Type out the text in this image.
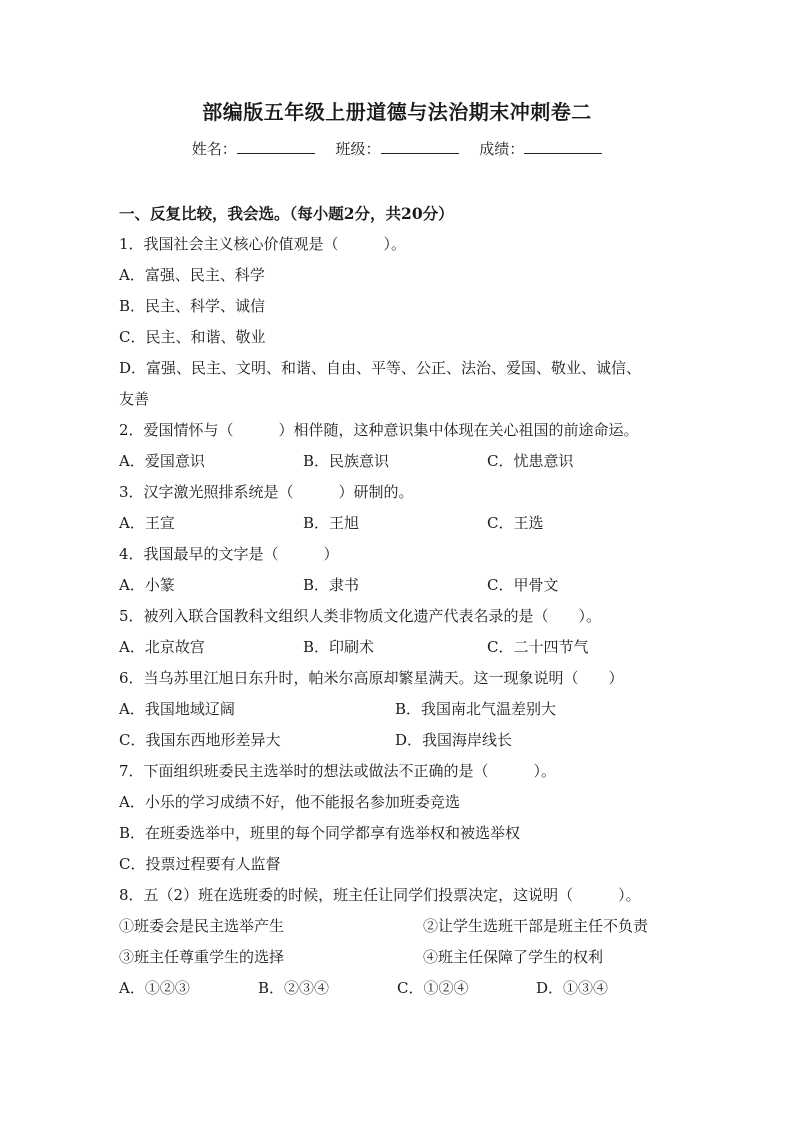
部编版五年级上册道德与法治期末冲刺卷二
姓名：	班级：	成绩：
一、反复比较，我会选。（每小题2分，共20分）
1．我国社会主义核心价值观是（　　　）。
A．富强、民主、科学
B．民主、科学、诚信
C．民主、和谐、敬业
D．富强、民主、文明、和谐、自由、平等、公正、法治、爱国、敬业、诚信、
友善
2．爱国情怀与（　　　）相伴随，这种意识集中体现在关心祖国的前途命运。
A．爱国意识	B．民族意识	C．忧患意识
3．汉字激光照排系统是（　　　）研制的。
A．王宣	B．王旭	C．王选
4．我国最早的文字是（　　　）
A．小篆	B．隶书	C．甲骨文
5．被列入联合国教科文组织人类非物质文化遗产代表名录的是（　　）。
A．北京故宫	B．印刷术	C．二十四节气
6．当乌苏里江旭日东升时，帕米尔高原却繁星满天。这一现象说明（　　）
A．我国地域辽阔	B．我国南北气温差别大
C．我国东西地形差异大	D．我国海岸线长
7．下面组织班委民主选举时的想法或做法不正确的是（　　　）。
A．小乐的学习成绩不好，他不能报名参加班委竞选
B．在班委选举中，班里的每个同学都享有选举权和被选举权
C．投票过程要有人监督
8．五（2）班在选班委的时候，班主任让同学们投票决定，这说明（　　　）。
①班委会是民主选举产生	②让学生选班干部是班主任不负责
③班主任尊重学生的选择	④班主任保障了学生的权利
A．①②③	B．②③④	C．①②④	D．①③④
